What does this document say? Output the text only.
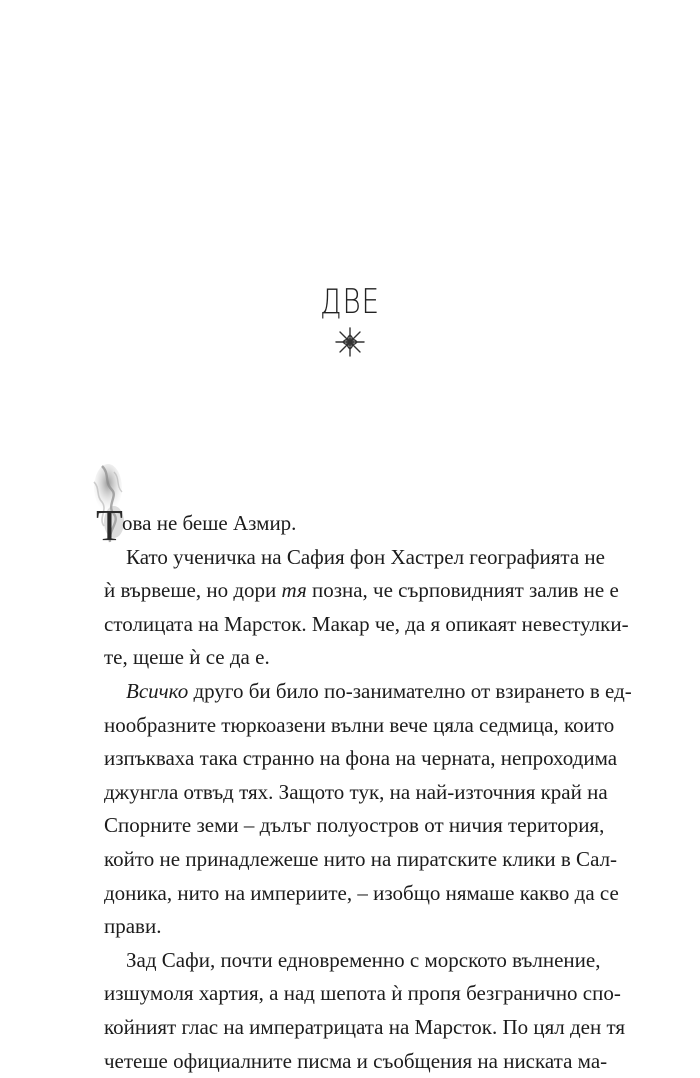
ДВЕ
Т ова не беше Азмир.
Като ученичка на Сафия фон Хастрел географията не
ѝ вървеше, но дори тя позна, че сърповидният залив не е
столицата на Марсток. Макар че, да я опикаят невестулки-
те, щеше ѝ се да е.
Всичко друго би било по-занимателно от взирането в ед-
нообразните тюркоазени вълни вече цяла седмица, които
изпъкваха така странно на фона на черната, непроходима
джунгла отвъд тях. Защото тук, на най-източния край на
Спорните земи – дълъг полуостров от ничия територия,
който не принадлежеше нито на пиратските клики в Сал-
доника, нито на империите, – изобщо нямаше какво да се
прави.
Зад Сафи, почти едновременно с морското вълнение,
изшумоля хартия, а над шепота ѝ пропя безгранично спо-
койният глас на императрицата на Марсток. По цял ден тя
четеше официалните писма и съобщения на ниската ма-
